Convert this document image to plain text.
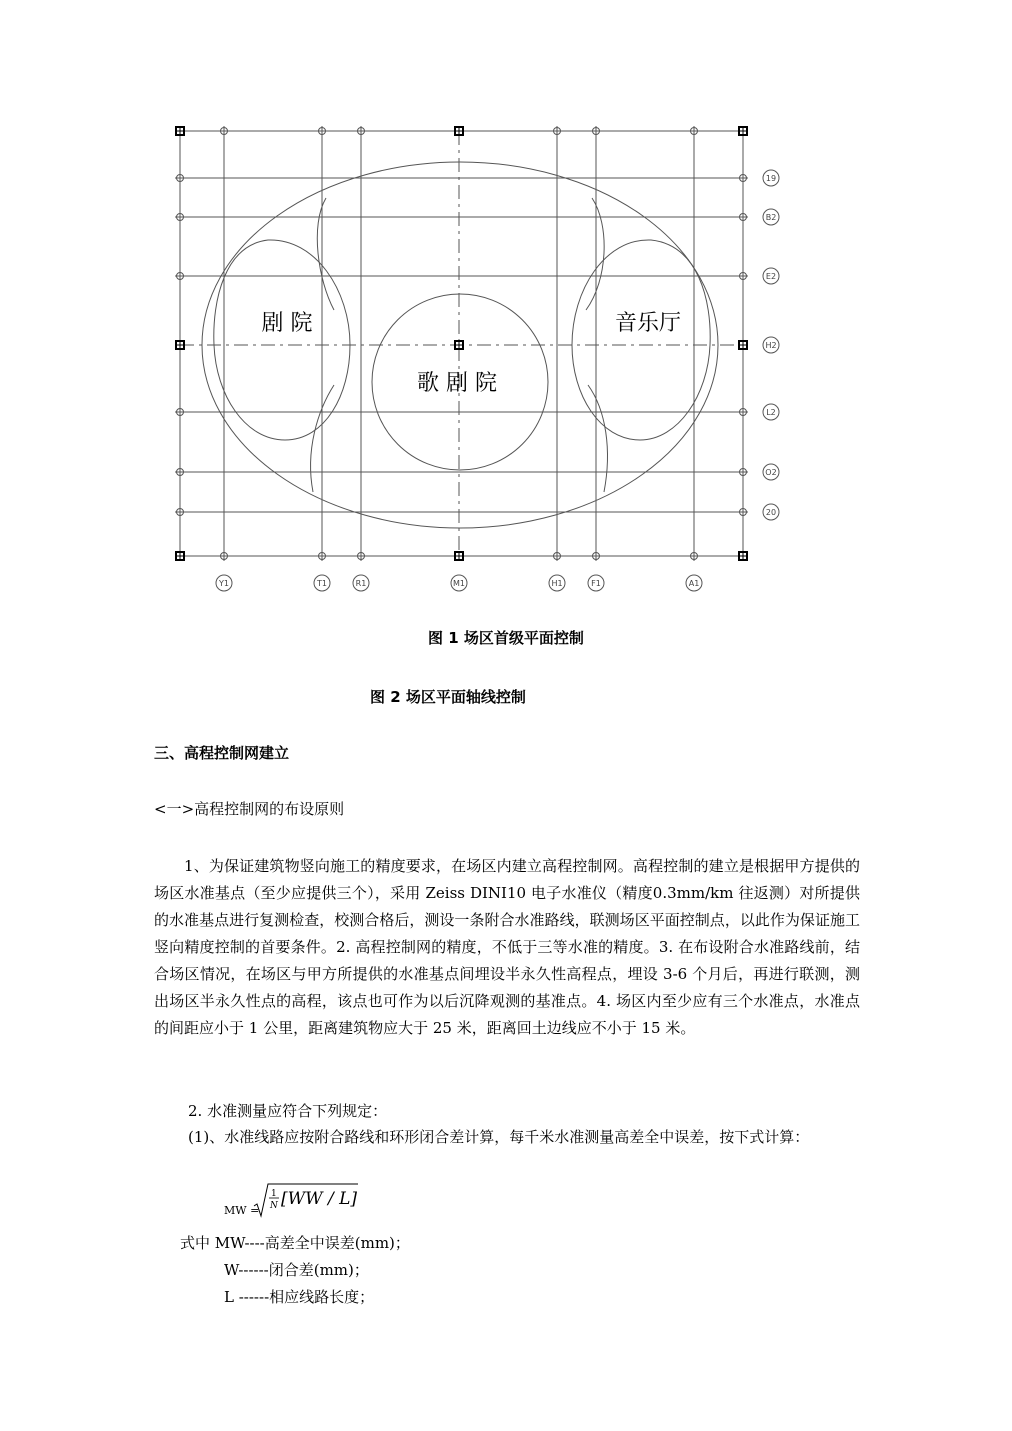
19
B2
E2
H2
L2
O2
20
Y1	T1	R1	M1	H1	F1	A1
剧 院	音乐厅
歌 剧 院
图 1 场区首级平面控制
图 2 场区平面轴线控制
三、高程控制网建立
<一>高程控制网的布设原则
1、为保证建筑物竖向施工的精度要求，在场区内建立高程控制网。高程控制的建立是根据甲方提供的场区水准基点（至少应提供三个），采用 Zeiss DINI10 电子水准仪（精度0.3mm/km 往返测）对所提供的水准基点进行复测检查，校测合格后，测设一条附合水准路线，联测场区平面控制点，以此作为保证施工竖向精度控制的首要条件。2. 高程控制网的精度，不低于三等水准的精度。3. 在布设附合水准路线前，结合场区情况，在场区与甲方所提供的水准基点间埋设半永久性高程点，埋设 3-6 个月后，再进行联测，测出场区半永久性点的高程，该点也可作为以后沉降观测的基准点。4. 场区内至少应有三个水准点，水准点的间距应小于 1 公里，距离建筑物应大于 25 米，距离回土边线应不小于 15 米。
2. 水准测量应符合下列规定：
(1)、水准线路应按附合路线和环形闭合差计算，每千米水准测量高差全中误差，按下式计算：
MW =
1
N [WW / L]
式中 MW----高差全中误差(mm)；
W------闭合差(mm)；
L ------相应线路长度；
